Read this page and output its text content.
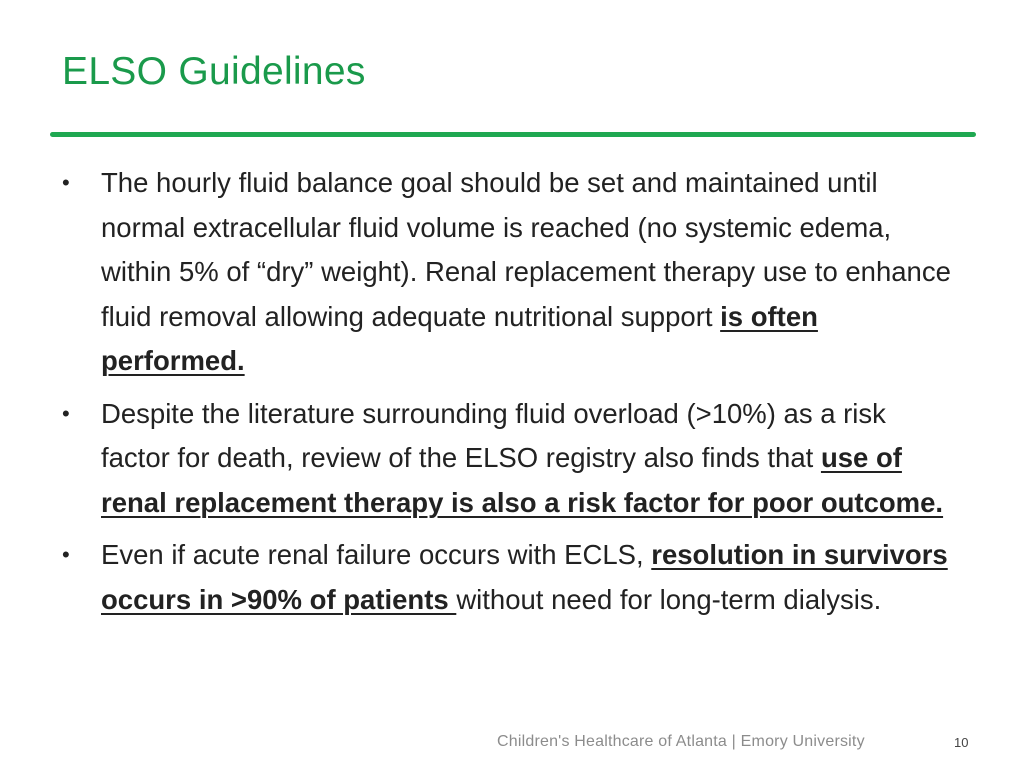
ELSO Guidelines
•	The hourly fluid balance goal should be set and maintained until normal extracellular fluid volume is reached (no systemic edema, within 5% of “dry” weight). Renal replacement therapy use to enhance fluid removal allowing adequate nutritional support is often performed.
•	Despite the literature surrounding fluid overload (>10%) as a risk factor for death, review of the ELSO registry also finds that use of renal replacement therapy is also a risk factor for poor outcome.
•	Even if acute renal failure occurs with ECLS, resolution in survivors occurs in >90% of patients without need for long-term dialysis.
Children's Healthcare of Atlanta | Emory University	10
